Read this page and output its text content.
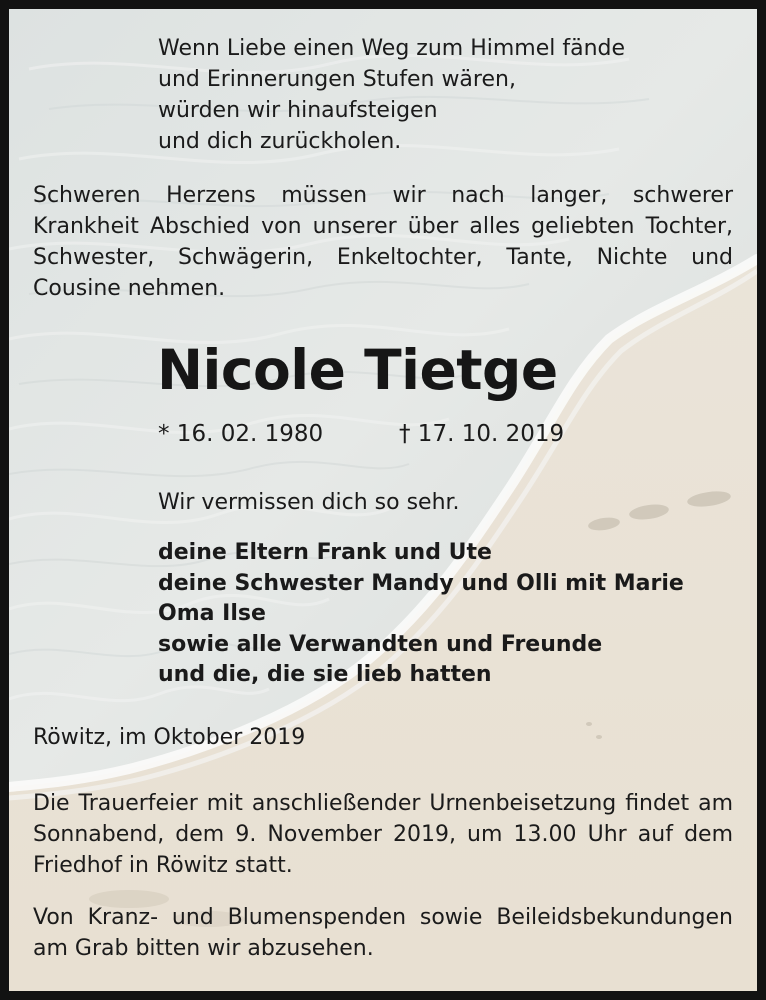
Wenn Liebe einen Weg zum Himmel fände
und Erinnerungen Stufen wären,
würden wir hinaufsteigen
und dich zurückholen.

Schweren Herzens müssen wir nach langer, schwerer Krankheit Abschied von unserer über alles geliebten Tochter, Schwester, Schwägerin, Enkeltochter, Tante, Nichte und Cousine nehmen.

Nicole Tietge
* 16. 02. 1980	† 17. 10. 2019
Wir vermissen dich so sehr.
deine Eltern Frank und Ute
deine Schwester Mandy und Olli mit Marie
Oma Ilse
sowie alle Verwandten und Freunde
und die, die sie lieb hatten
Röwitz, im Oktober 2019

Die Trauerfeier mit anschließender Urnenbeisetzung findet am Sonnabend, dem 9. November 2019, um 13.00 Uhr auf dem Friedhof in Röwitz statt.

Von Kranz- und Blumenspenden sowie Beileidsbekundungen am Grab bitten wir abzusehen.
